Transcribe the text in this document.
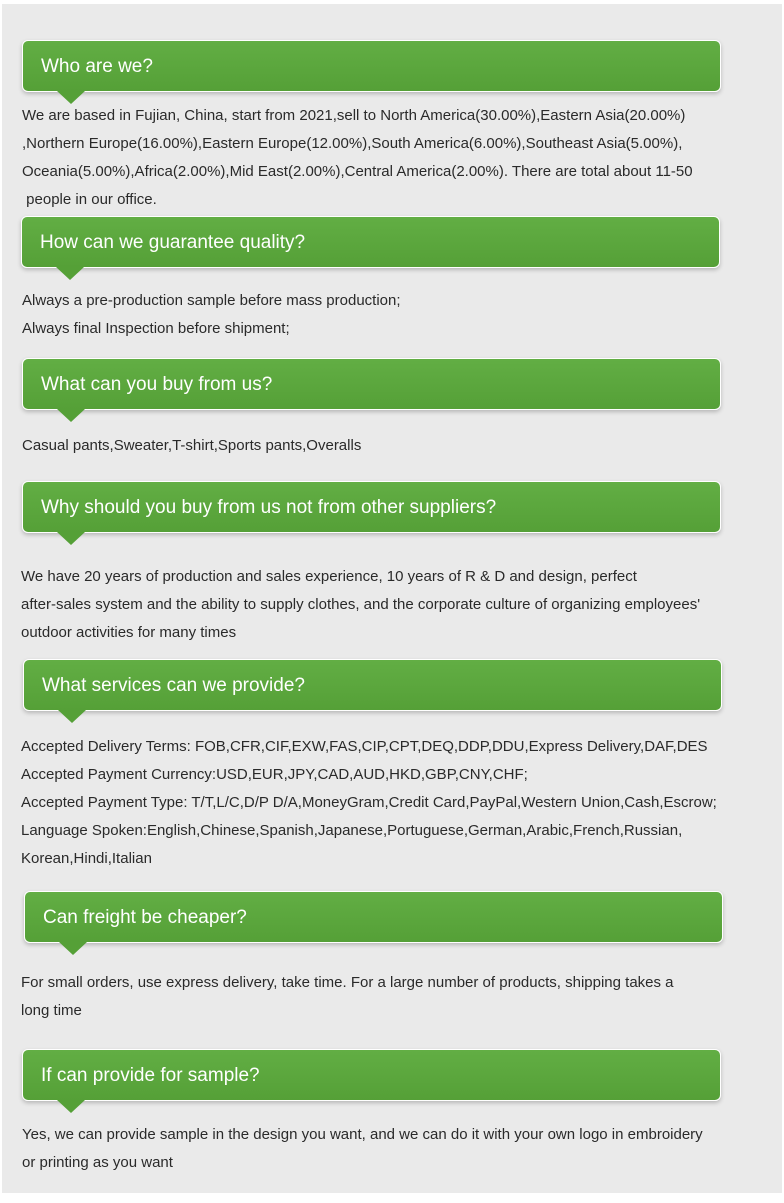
Who are we?
We are based in Fujian, China, start from 2021,sell to North America(30.00%),Eastern Asia(20.00%)
,Northern Europe(16.00%),Eastern Europe(12.00%),South America(6.00%),Southeast Asia(5.00%),
Oceania(5.00%),Africa(2.00%),Mid East(2.00%),Central America(2.00%). There are total about 11-50
people in our office.
How can we guarantee quality?
Always a pre-production sample before mass production;
Always final Inspection before shipment;
What can you buy from us?
Casual pants,Sweater,T-shirt,Sports pants,Overalls
Why should you buy from us not from other suppliers?
We have 20 years of production and sales experience, 10 years of R & D and design, perfect
after-sales system and the ability to supply clothes, and the corporate culture of organizing employees'
outdoor activities for many times
What services can we provide?
Accepted Delivery Terms: FOB,CFR,CIF,EXW,FAS,CIP,CPT,DEQ,DDP,DDU,Express Delivery,DAF,DES
Accepted Payment Currency:USD,EUR,JPY,CAD,AUD,HKD,GBP,CNY,CHF;
Accepted Payment Type: T/T,L/C,D/P D/A,MoneyGram,Credit Card,PayPal,Western Union,Cash,Escrow;
Language Spoken:English,Chinese,Spanish,Japanese,Portuguese,German,Arabic,French,Russian,
Korean,Hindi,Italian
Can freight be cheaper?
For small orders, use express delivery, take time. For a large number of products, shipping takes a
long time
If can provide for sample?
Yes, we can provide sample in the design you want, and we can do it with your own logo in embroidery
or printing as you want
